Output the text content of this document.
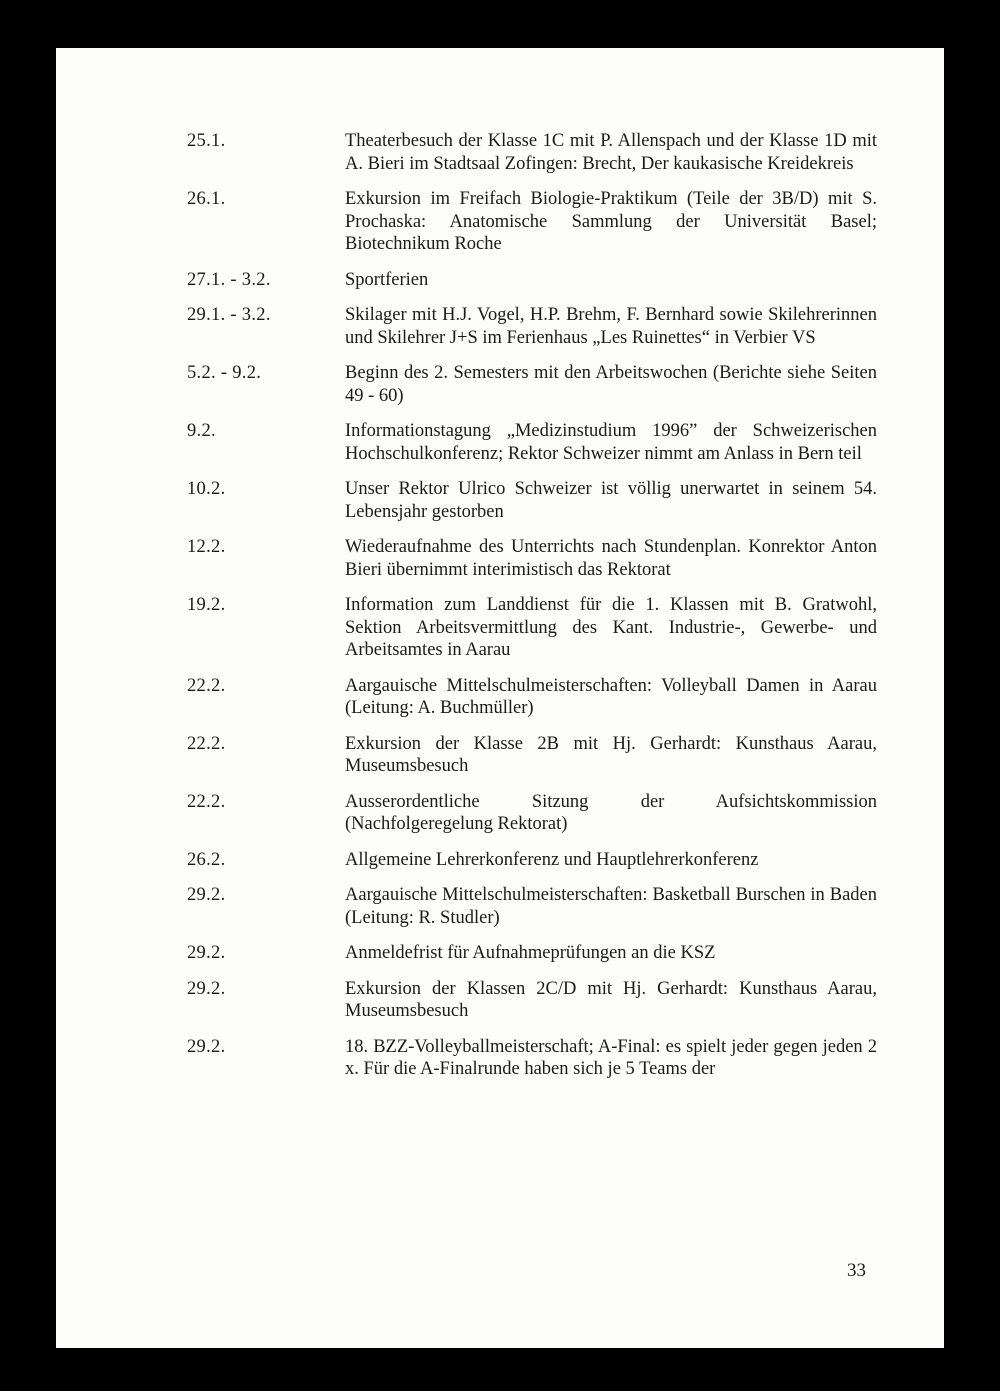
25.1.	Theaterbesuch der Klasse 1C mit P. Allenspach und der Klasse 1D mit A. Bieri im Stadtsaal Zofingen: Brecht, Der kaukasische Kreidekreis
26.1.	Exkursion im Freifach Biologie-Praktikum (Teile der 3B/D) mit S. Prochaska: Anatomische Sammlung der Universität Basel; Biotechnikum Roche
27.1. - 3.2.	Sportferien
29.1. - 3.2.	Skilager mit H.J. Vogel, H.P. Brehm, F. Bernhard sowie Skilehrerinnen und Skilehrer J+S im Ferienhaus „Les Ruinettes“ in Verbier VS
5.2. - 9.2.	Beginn des 2. Semesters mit den Arbeitswochen (Berichte siehe Seiten 49 - 60)
9.2.	Informationstagung „Medizinstudium 1996” der Schweizerischen Hochschulkonferenz; Rektor Schweizer nimmt am Anlass in Bern teil
10.2.	Unser Rektor Ulrico Schweizer ist völlig unerwartet in seinem 54. Lebensjahr gestorben
12.2.	Wiederaufnahme des Unterrichts nach Stundenplan. Konrektor Anton Bieri übernimmt interimistisch das Rektorat
19.2.	Information zum Landdienst für die 1. Klassen mit B. Gratwohl, Sektion Arbeitsvermittlung des Kant. Industrie-, Gewerbe- und Arbeitsamtes in Aarau
22.2.	Aargauische Mittelschulmeisterschaften: Volleyball Damen in Aarau (Leitung: A. Buchmüller)
22.2.	Exkursion der Klasse 2B mit Hj. Gerhardt: Kunsthaus Aarau, Museumsbesuch
22.2.	Ausserordentliche Sitzung der Aufsichtskommission (Nachfolgeregelung Rektorat)
26.2.	Allgemeine Lehrerkonferenz und Hauptlehrerkonferenz
29.2.	Aargauische Mittelschulmeisterschaften: Basketball Burschen in Baden (Leitung: R. Studler)
29.2.	Anmeldefrist für Aufnahmeprüfungen an die KSZ
29.2.	Exkursion der Klassen 2C/D mit Hj. Gerhardt: Kunsthaus Aarau, Museumsbesuch
29.2.	18. BZZ-Volleyballmeisterschaft; A-Final: es spielt jeder gegen jeden 2 x. Für die A-Finalrunde haben sich je 5 Teams der
33
